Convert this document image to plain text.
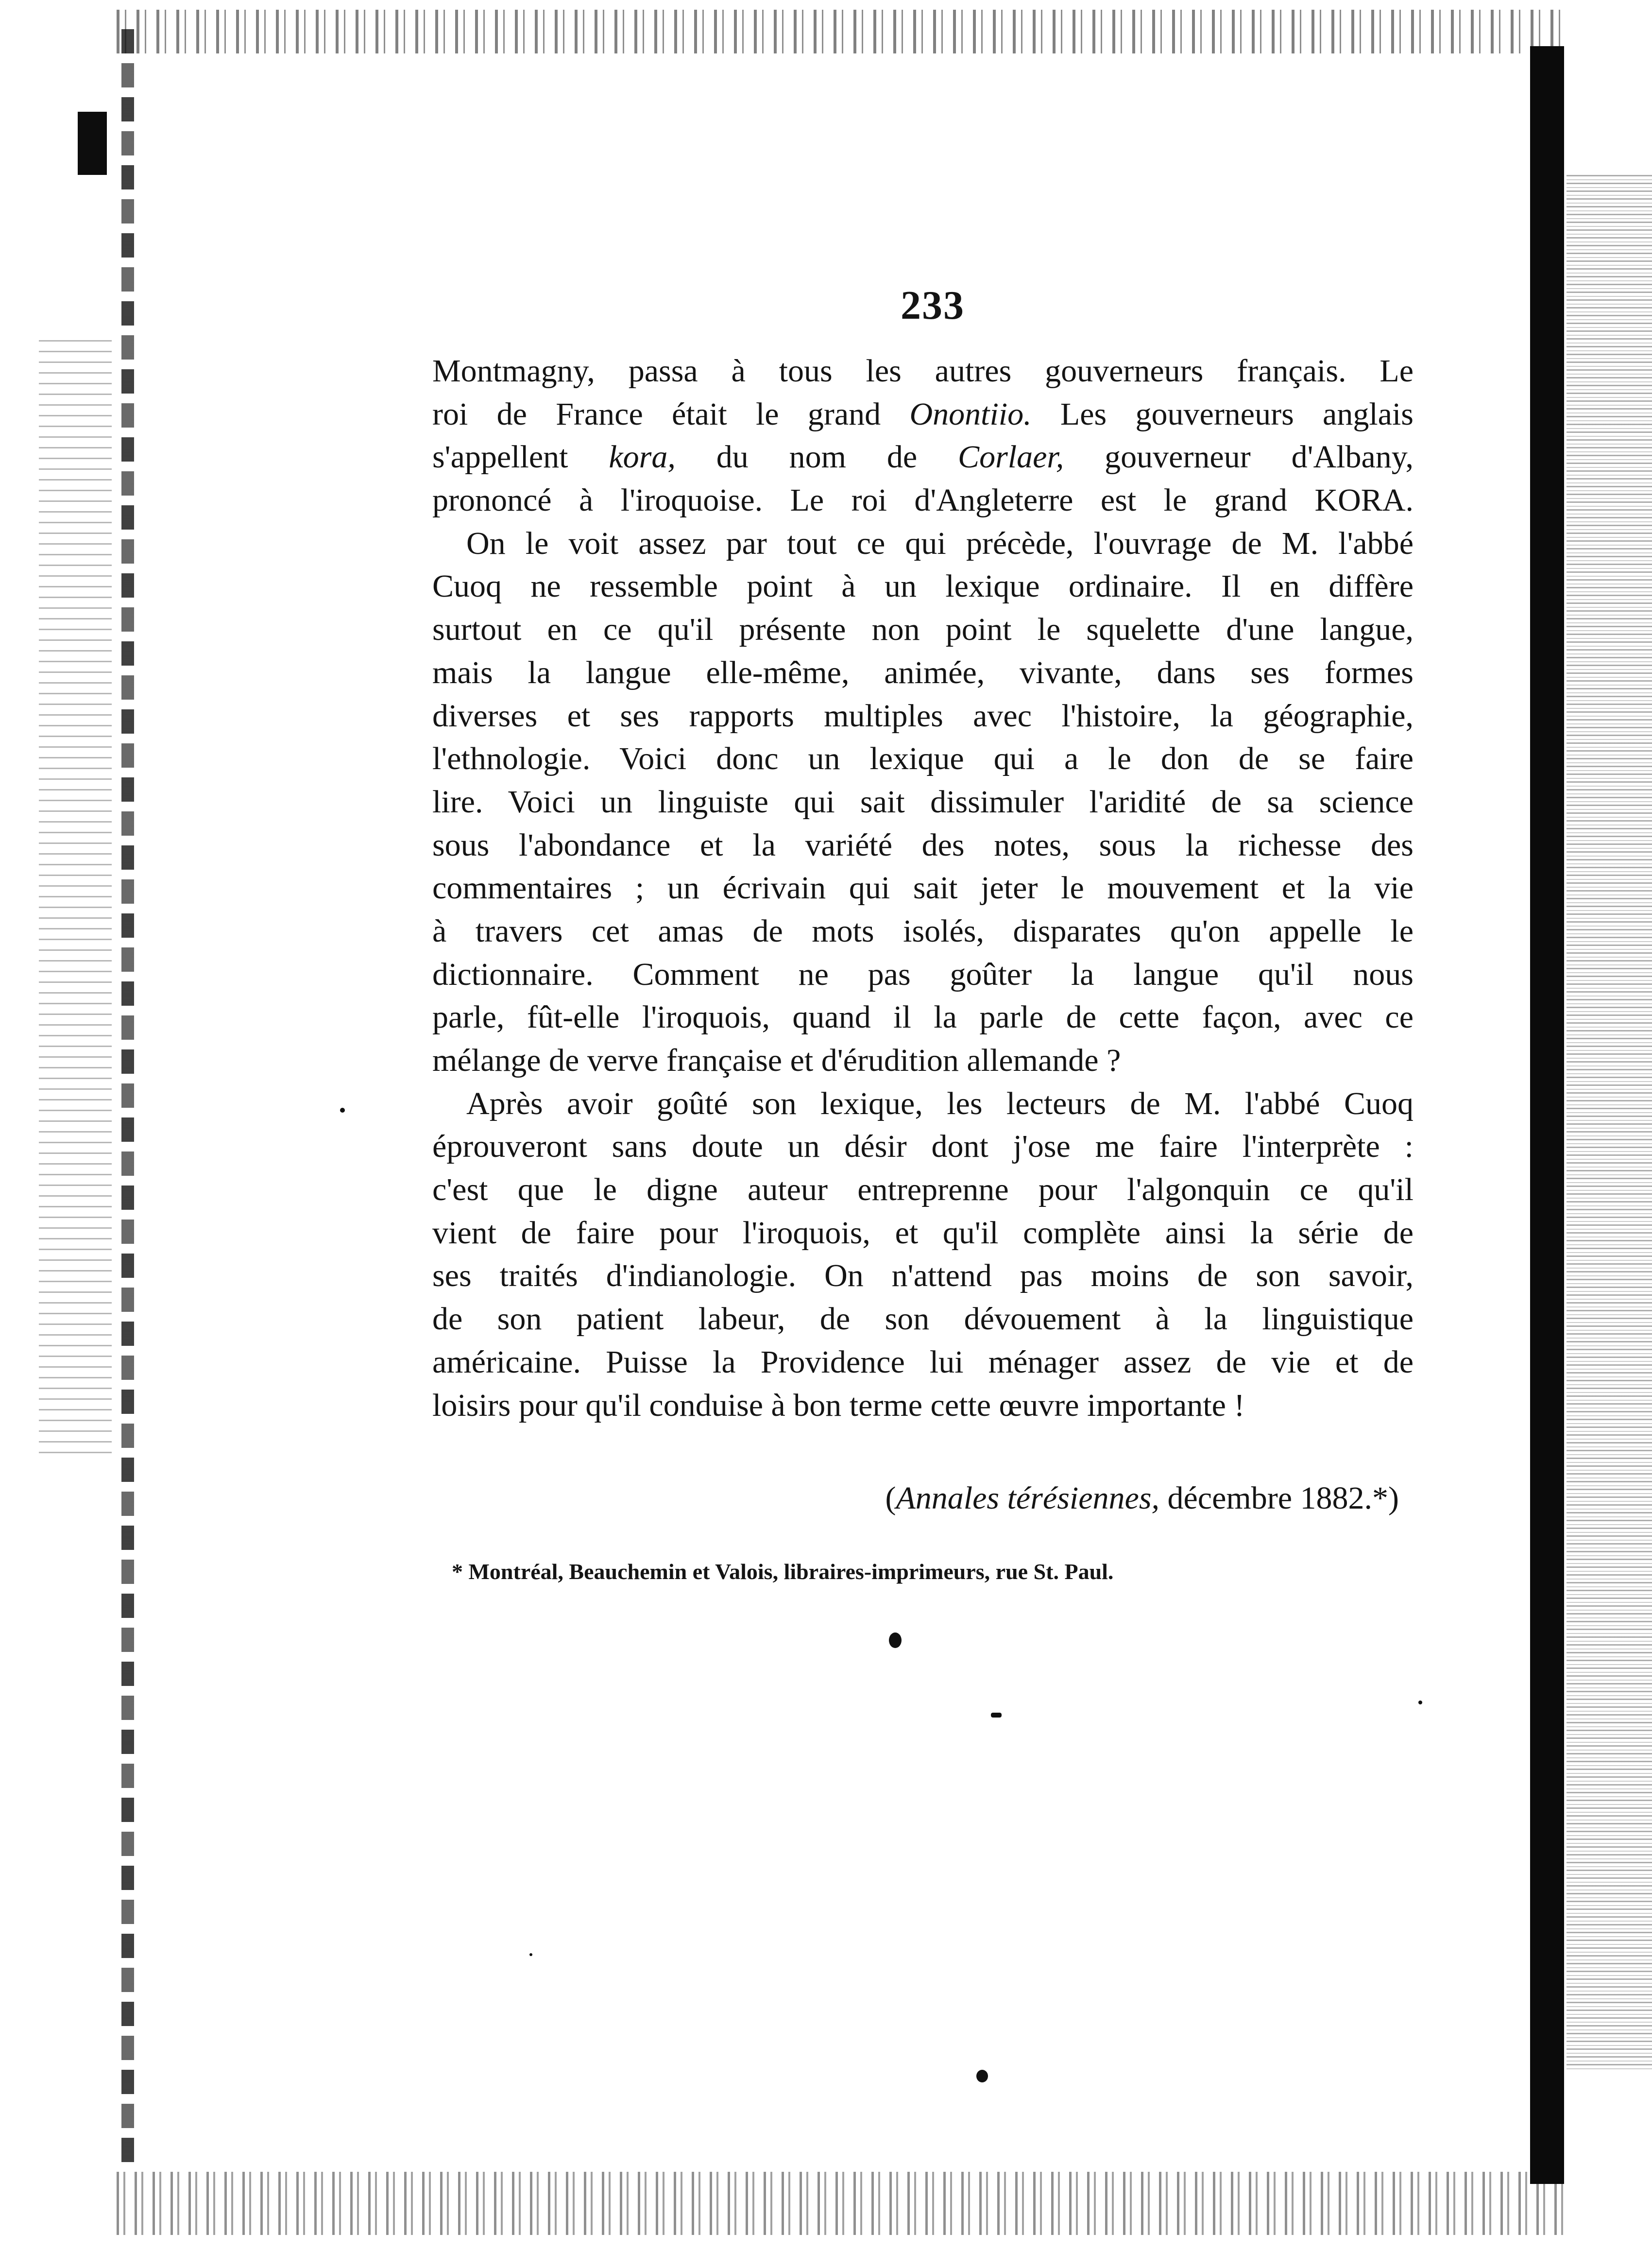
233
Montmagny, passa à tous les autres gouverneurs français. Le
roi de France était le grand Onontiio. Les gouverneurs anglais
s'appellent kora, du nom de Corlaer, gouverneur d'Albany,
prononcé à l'iroquoise. Le roi d'Angleterre est le grand KORA.
On le voit assez par tout ce qui précède, l'ouvrage de M. l'abbé
Cuoq ne ressemble point à un lexique ordinaire. Il en diffère
surtout en ce qu'il présente non point le squelette d'une langue,
mais la langue elle-même, animée, vivante, dans ses formes
diverses et ses rapports multiples avec l'histoire, la géographie,
l'ethnologie. Voici donc un lexique qui a le don de se faire
lire. Voici un linguiste qui sait dissimuler l'aridité de sa science
sous l'abondance et la variété des notes, sous la richesse des
commentaires ; un écrivain qui sait jeter le mouvement et la vie
à travers cet amas de mots isolés, disparates qu'on appelle le
dictionnaire. Comment ne pas goûter la langue qu'il nous
parle, fût-elle l'iroquois, quand il la parle de cette façon, avec ce
mélange de verve française et d'érudition allemande ?
Après avoir goûté son lexique, les lecteurs de M. l'abbé Cuoq
éprouveront sans doute un désir dont j'ose me faire l'interprète :
c'est que le digne auteur entreprenne pour l'algonquin ce qu'il
vient de faire pour l'iroquois, et qu'il complète ainsi la série de
ses traités d'indianologie. On n'attend pas moins de son savoir,
de son patient labeur, de son dévouement à la linguistique
américaine. Puisse la Providence lui ménager assez de vie et de
loisirs pour qu'il conduise à bon terme cette œuvre importante !
(Annales térésiennes, décembre 1882.*)
* Montréal, Beauchemin et Valois, libraires-imprimeurs, rue St. Paul.
